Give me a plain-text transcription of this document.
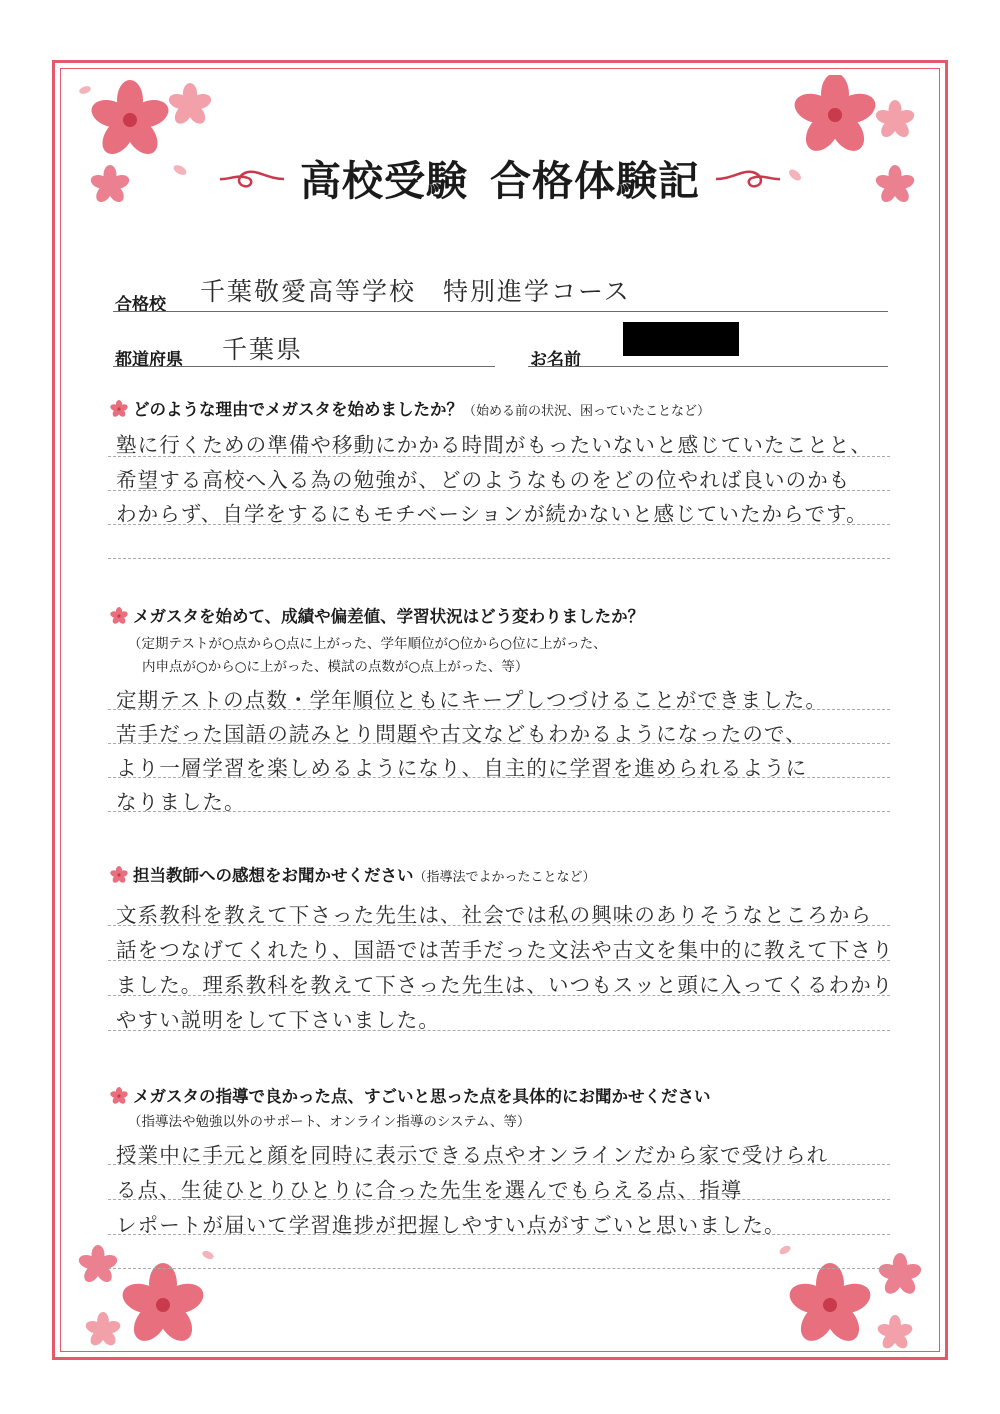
高校受験 合格体験記
合格校 千葉敬愛高等学校　特別進学コース
都道府県 千葉県	お名前
どのような理由でメガスタを始めましたか？（始める前の状況、困っていたことなど）
塾に行くための準備や移動にかかる時間がもったいないと感じていたことと、
希望する高校へ入る為の勉強が、どのようなものをどの位やれば良いのかも
わからず、自学をするにもモチベーションが続かないと感じていたからです。
メガスタを始めて、成績や偏差値、学習状況はどう変わりましたか？
（定期テストが○点から○点に上がった、学年順位が○位から○位に上がった、
内申点が○から○に上がった、模試の点数が○点上がった、等）
定期テストの点数・学年順位ともにキープしつづけることができました。
苦手だった国語の読みとり問題や古文などもわかるようになったので、
より一層学習を楽しめるようになり、自主的に学習を進められるように
なりました。
担当教師への感想をお聞かせください（指導法でよかったことなど）
文系教科を教えて下さった先生は、社会では私の興味のありそうなところから
話をつなげてくれたり、国語では苦手だった文法や古文を集中的に教えて下さり
ました。理系教科を教えて下さった先生は、いつもスッと頭に入ってくるわかり
やすい説明をして下さいました。
メガスタの指導で良かった点、すごいと思った点を具体的にお聞かせください
（指導法や勉強以外のサポート、オンライン指導のシステム、等）
授業中に手元と顔を同時に表示できる点やオンラインだから家で受けられ
る点、生徒ひとりひとりに合った先生を選んでもらえる点、指導
レポートが届いて学習進捗が把握しやすい点がすごいと思いました。
